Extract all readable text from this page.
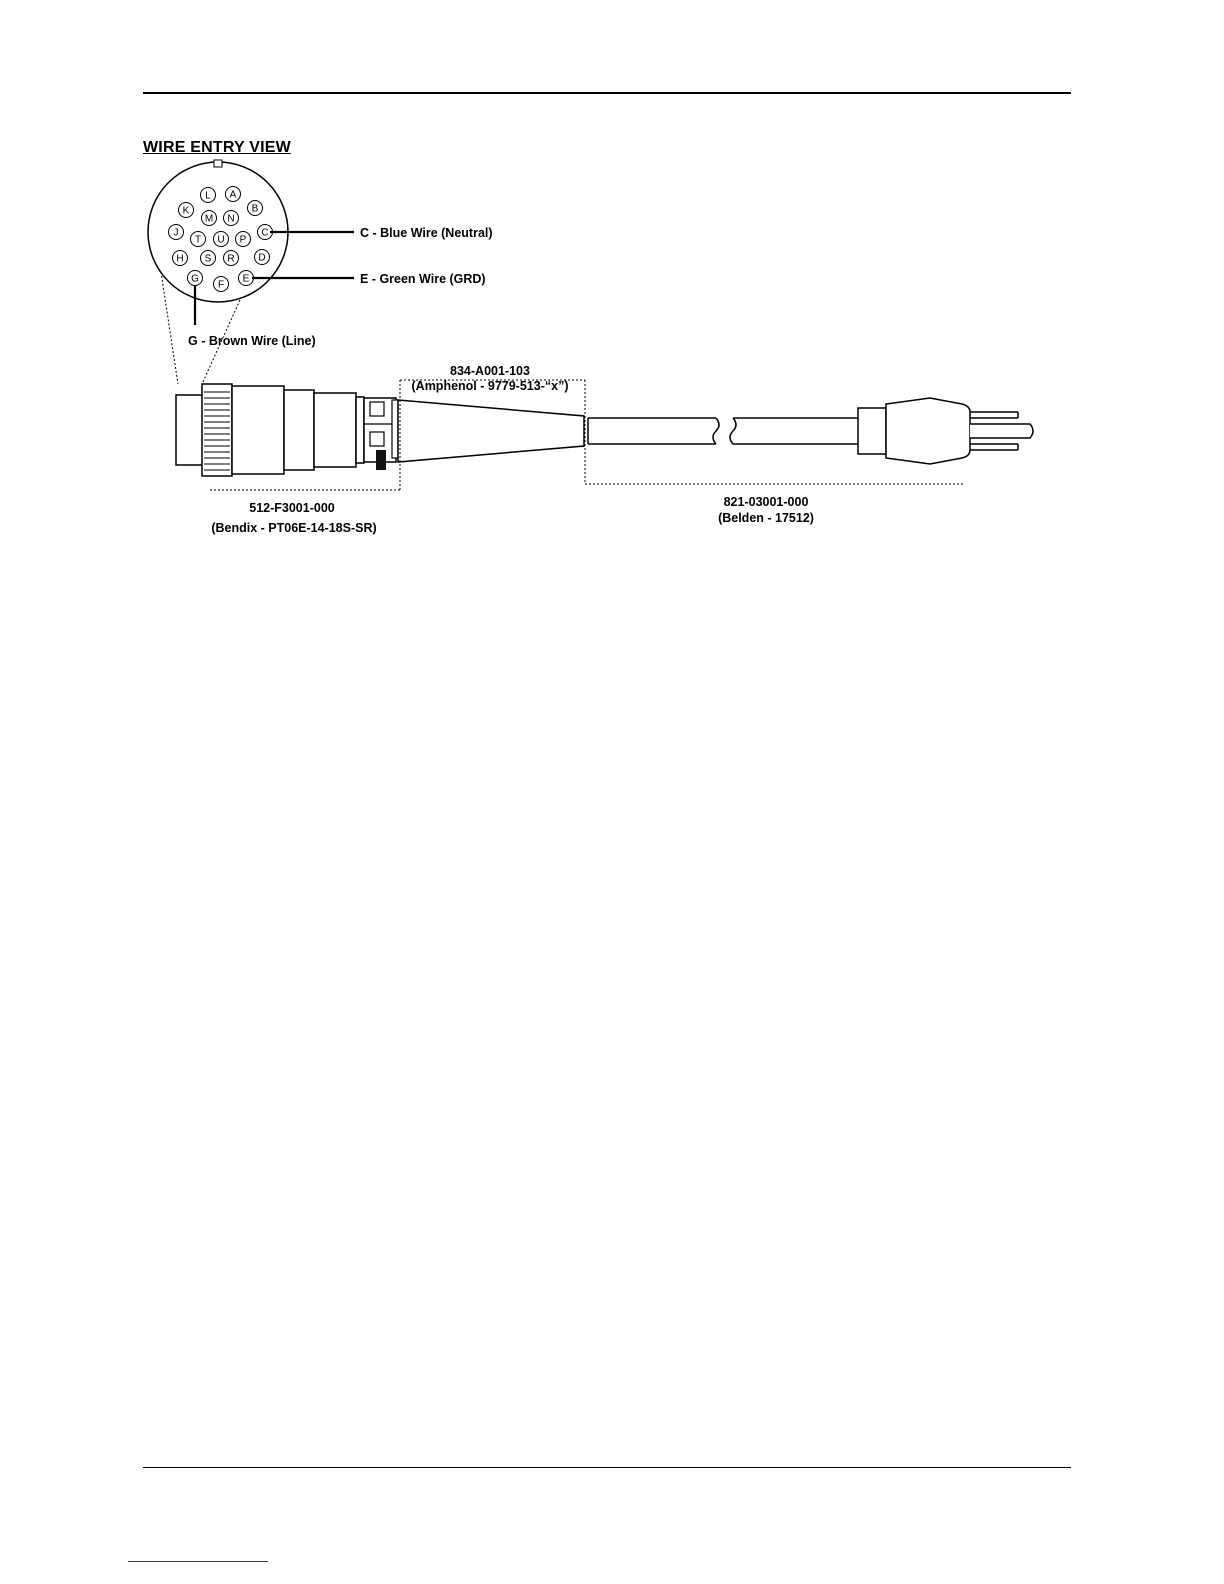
WIRE ENTRY VIEW
L A
K
M N
B
J
T U P
C
H S R D
G
F
E
C - Blue Wire (Neutral)
E - Green Wire (GRD)
G - Brown Wire (Line)
834-A001-103
(Amphenol - 9779-513-“x”)
512-F3001-000
(Bendix - PT06E-14-18S-SR)
821-03001-000
(Belden - 17512)
